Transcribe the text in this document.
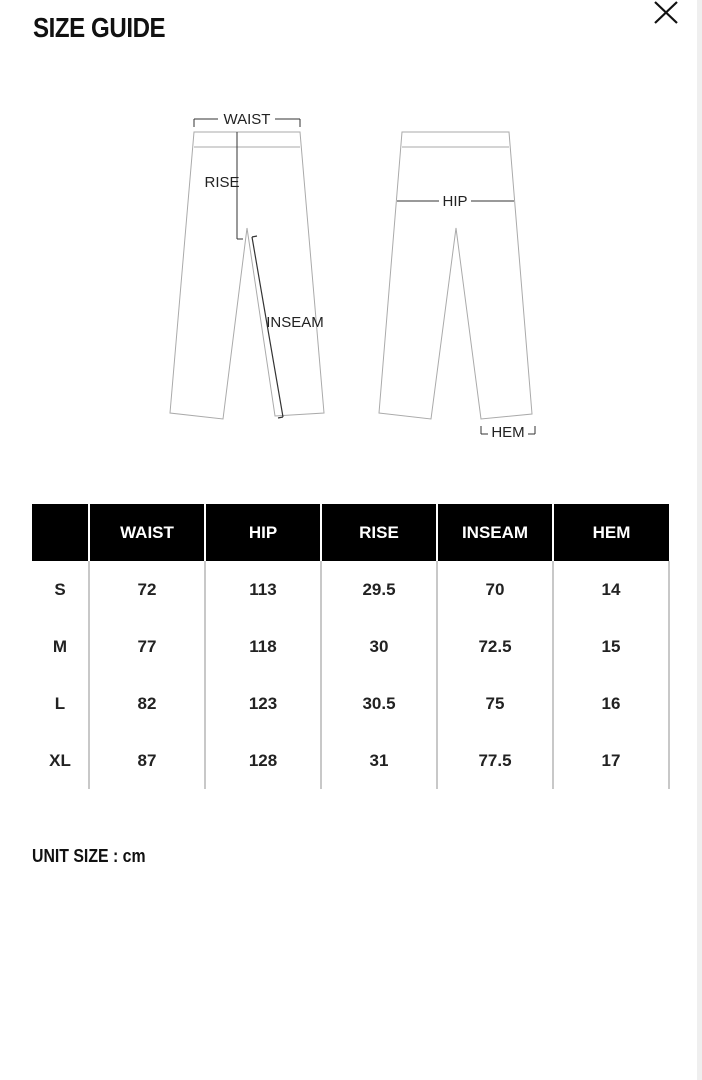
SIZE GUIDE
WAIST
RISE
INSEAM
HIP
HEM
	WAIST	HIP	RISE	INSEAM	HEM
S	72	113	29.5	70	14
M	77	118	30	72.5	15
L	82	123	30.5	75	16
XL	87	128	31	77.5	17
UNIT SIZE : cm
